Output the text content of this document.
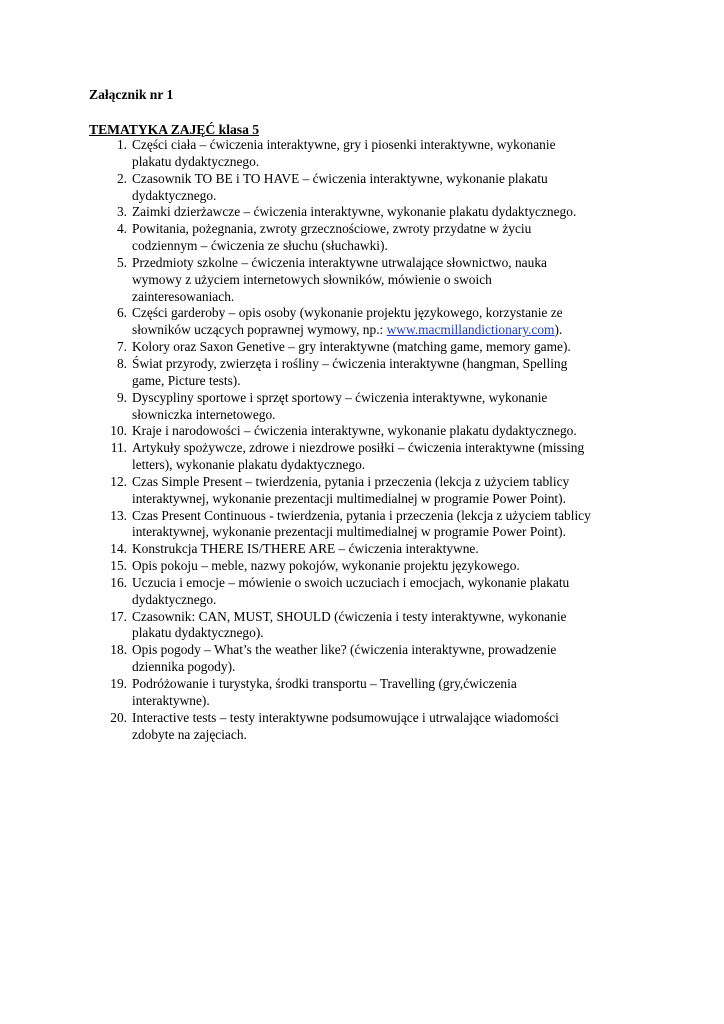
Załącznik nr 1
TEMATYKA ZAJĘĆ klasa 5
1. Części ciała – ćwiczenia interaktywne, gry i piosenki interaktywne, wykonanie
plakatu dydaktycznego.
2. Czasownik TO BE i TO HAVE – ćwiczenia interaktywne, wykonanie plakatu
dydaktycznego.
3. Zaimki dzierżawcze – ćwiczenia interaktywne, wykonanie plakatu dydaktycznego.
4. Powitania, pożegnania, zwroty grzecznościowe, zwroty przydatne w życiu
codziennym – ćwiczenia ze słuchu (słuchawki).
5. Przedmioty szkolne – ćwiczenia interaktywne utrwalające słownictwo, nauka
wymowy z użyciem internetowych słowników, mówienie o swoich
zainteresowaniach.
6. Części garderoby – opis osoby (wykonanie projektu językowego, korzystanie ze
słowników uczących poprawnej wymowy, np.: www.macmillandictionary.com).
7. Kolory oraz Saxon Genetive – gry interaktywne (matching game, memory game).
8. Świat przyrody, zwierzęta i rośliny – ćwiczenia interaktywne (hangman, Spelling
game, Picture tests).
9. Dyscypliny sportowe i sprzęt sportowy – ćwiczenia interaktywne, wykonanie
słowniczka internetowego.
10. Kraje i narodowości – ćwiczenia interaktywne, wykonanie plakatu dydaktycznego.
11. Artykuły spożywcze, zdrowe i niezdrowe posiłki – ćwiczenia interaktywne (missing
letters), wykonanie plakatu dydaktycznego.
12. Czas Simple Present – twierdzenia, pytania i przeczenia (lekcja z użyciem tablicy
interaktywnej, wykonanie prezentacji multimedialnej w programie Power Point).
13. Czas Present Continuous - twierdzenia, pytania i przeczenia (lekcja z użyciem tablicy
interaktywnej, wykonanie prezentacji multimedialnej w programie Power Point).
14. Konstrukcja THERE IS/THERE ARE – ćwiczenia interaktywne.
15. Opis pokoju – meble, nazwy pokojów, wykonanie projektu językowego.
16. Uczucia i emocje – mówienie o swoich uczuciach i emocjach, wykonanie plakatu
dydaktycznego.
17. Czasownik: CAN, MUST, SHOULD (ćwiczenia i testy interaktywne, wykonanie
plakatu dydaktycznego).
18. Opis pogody – What’s the weather like? (ćwiczenia interaktywne, prowadzenie
dziennika pogody).
19. Podróżowanie i turystyka, środki transportu – Travelling (gry,ćwiczenia
interaktywne).
20. Interactive tests – testy interaktywne podsumowujące i utrwalające wiadomości
zdobyte na zajęciach.
